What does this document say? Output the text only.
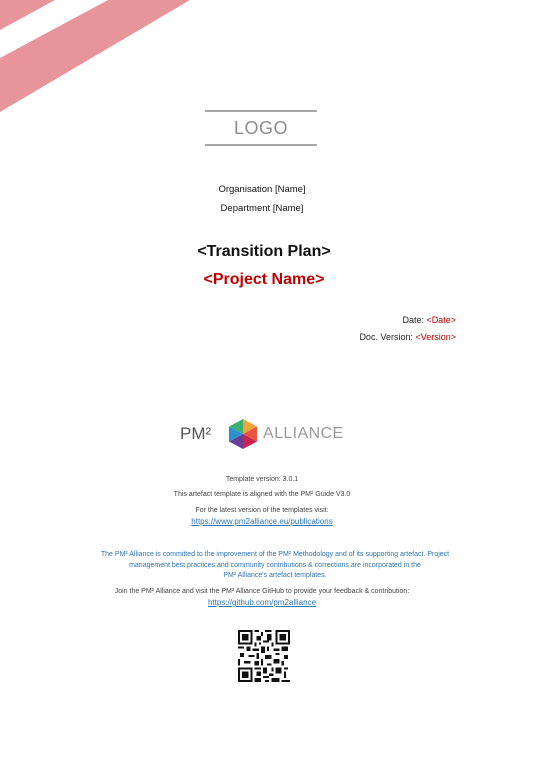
LOGO
Organisation [Name]
Department [Name]
<Transition Plan>
<Project Name>
Date: <Date>
Doc. Version: <Version>
PM²	ALLIANCE
Template version: 3.0.1
This artefact template is aligned with the PM² Guide V3.0
For the latest version of the templates visit:
https://www.pm2alliance.eu/publications
The PM² Alliance is committed to the improvement of the PM² Methodology and of its supporting artefact. Project
management best practices and community contributions & corrections are incorporated in the
PM² Alliance's artefact templates.
Join the PM² Alliance and visit the PM² Alliance GitHub to provide your feedback & contribution:
https://github.com/pm2alliance
